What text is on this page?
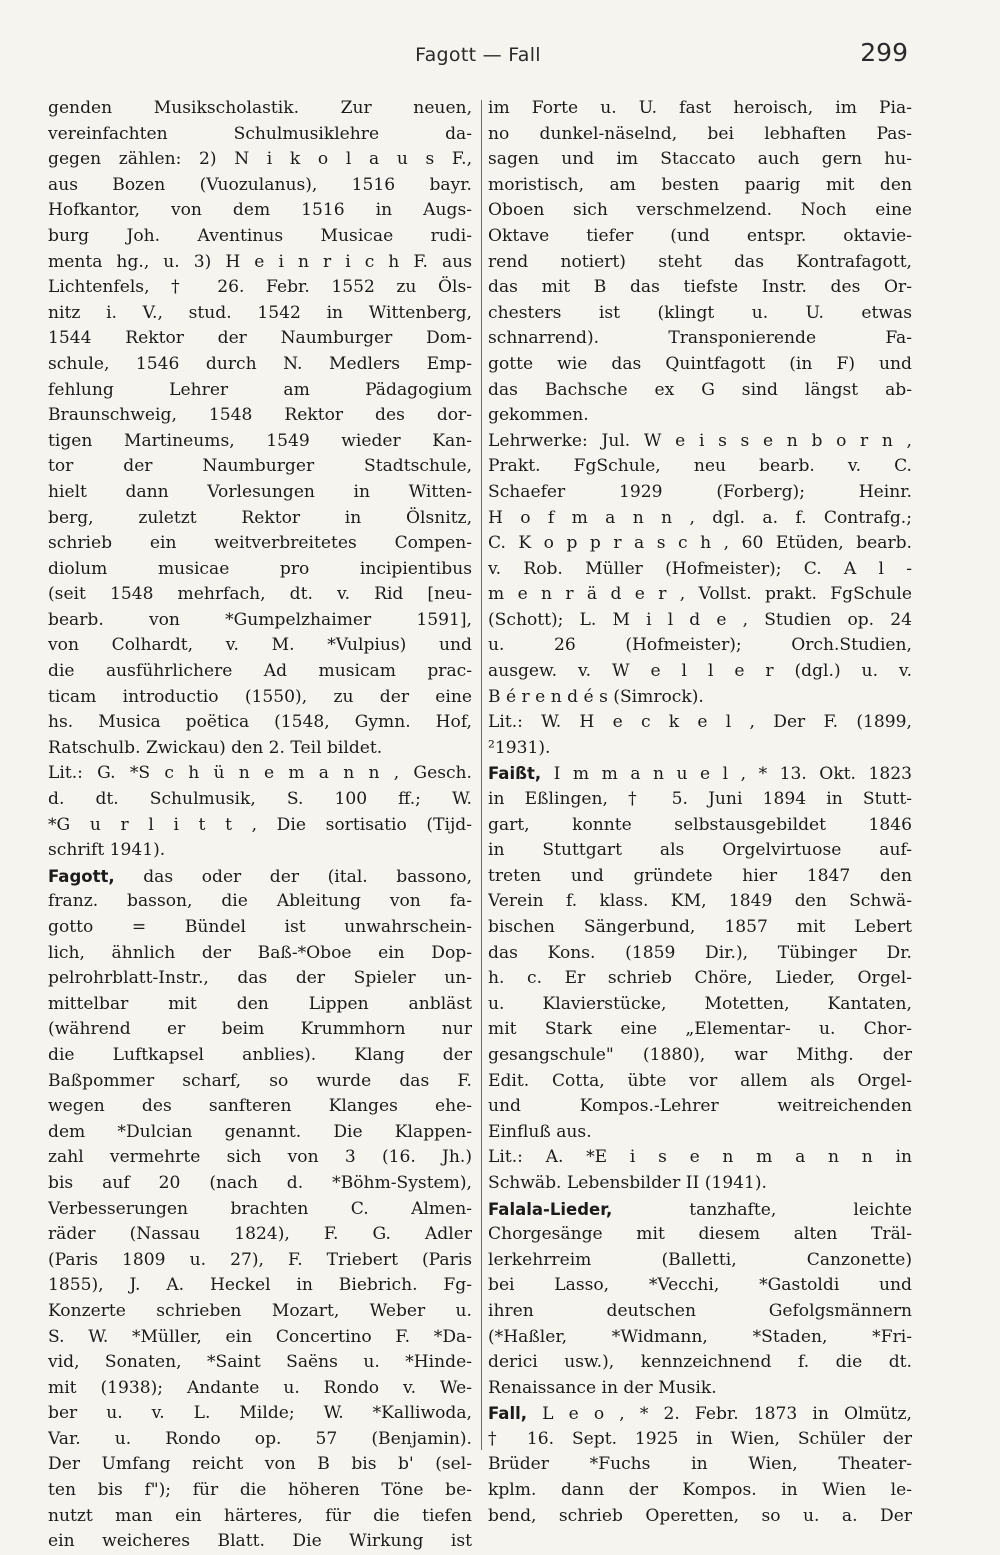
Fagott — Fall	299
genden Musikscholastik. Zur neuen,
vereinfachten Schulmusiklehre da-
gegen zählen: 2) N i k o l a u s F.,
aus Bozen (Vuozulanus), 1516 bayr.
Hofkantor, von dem 1516 in Augs-
burg Joh. Aventinus Musicae rudi-
menta hg., u. 3) H e i n r i c h F. aus
Lichtenfels, † 26. Febr. 1552 zu Öls-
nitz i. V., stud. 1542 in Wittenberg,
1544 Rektor der Naumburger Dom-
schule, 1546 durch N. Medlers Emp-
fehlung Lehrer am Pädagogium
Braunschweig, 1548 Rektor des dor-
tigen Martineums, 1549 wieder Kan-
tor der Naumburger Stadtschule,
hielt dann Vorlesungen in Witten-
berg, zuletzt Rektor in Ölsnitz,
schrieb ein weitverbreitetes Compen-
diolum musicae pro incipientibus
(seit 1548 mehrfach, dt. v. Rid [neu-
bearb. von *Gumpelzhaimer 1591],
von Colhardt, v. M. *Vulpius) und
die ausführlichere Ad musicam prac-
ticam introductio (1550), zu der eine
hs. Musica poëtica (1548, Gymn. Hof,
Ratschulb. Zwickau) den 2. Teil bildet.
Lit.: G. *S c h ü n e m a n n , Gesch.
d. dt. Schulmusik, S. 100 ff.; W.
*G u r l i t t , Die sortisatio (Tijd-
schrift 1941).
Fagott, das oder der (ital. bassono,
franz. basson, die Ableitung von fa-
gotto = Bündel ist unwahrschein-
lich, ähnlich der Baß-*Oboe ein Dop-
pelrohrblatt-Instr., das der Spieler un-
mittelbar mit den Lippen anbläst
(während er beim Krummhorn nur
die Luftkapsel anblies). Klang der
Baßpommer scharf, so wurde das F.
wegen des sanfteren Klanges ehe-
dem *Dulcian genannt. Die Klappen-
zahl vermehrte sich von 3 (16. Jh.)
bis auf 20 (nach d. *Böhm-System),
Verbesserungen brachten C. Almen-
räder (Nassau 1824), F. G. Adler
(Paris 1809 u. 27), F. Triebert (Paris
1855), J. A. Heckel in Biebrich. Fg-
Konzerte schrieben Mozart, Weber u.
S. W. *Müller, ein Concertino F. *Da-
vid, Sonaten, *Saint Saëns u. *Hinde-
mit (1938); Andante u. Rondo v. We-
ber u. v. L. Milde; W. *Kalliwoda,
Var. u. Rondo op. 57 (Benjamin).
Der Umfang reicht von B bis b' (sel-
ten bis f"); für die höheren Töne be-
nutzt man ein härteres, für die tiefen
ein weicheres Blatt. Die Wirkung ist
im Forte u. U. fast heroisch, im Pia-
no dunkel-näselnd, bei lebhaften Pas-
sagen und im Staccato auch gern hu-
moristisch, am besten paarig mit den
Oboen sich verschmelzend. Noch eine
Oktave tiefer (und entspr. oktavie-
rend notiert) steht das Kontrafagott,
das mit B das tiefste Instr. des Or-
chesters ist (klingt u. U. etwas
schnarrend). Transponierende Fa-
gotte wie das Quintfagott (in F) und
das Bachsche ex G sind längst ab-
gekommen.
Lehrwerke: Jul. W e i s s e n b o r n ,
Prakt. FgSchule, neu bearb. v. C.
Schaefer 1929 (Forberg); Heinr.
H o f m a n n , dgl. a. f. Contrafg.;
C. K o p p r a s c h , 60 Etüden, bearb.
v. Rob. Müller (Hofmeister); C. A l -
m e n r ä d e r , Vollst. prakt. FgSchule
(Schott); L. M i l d e , Studien op. 24
u. 26 (Hofmeister); Orch.Studien,
ausgew. v. W e l l e r (dgl.) u. v.
B é r e n d é s (Simrock).
Lit.: W. H e c k e l , Der F. (1899,
²1931).
Faißt, I m m a n u e l , * 13. Okt. 1823
in Eßlingen, † 5. Juni 1894 in Stutt-
gart, konnte selbstausgebildet 1846
in Stuttgart als Orgelvirtuose auf-
treten und gründete hier 1847 den
Verein f. klass. KM, 1849 den Schwä-
bischen Sängerbund, 1857 mit Lebert
das Kons. (1859 Dir.), Tübinger Dr.
h. c. Er schrieb Chöre, Lieder, Orgel-
u. Klavierstücke, Motetten, Kantaten,
mit Stark eine „Elementar- u. Chor-
gesangschule" (1880), war Mithg. der
Edit. Cotta, übte vor allem als Orgel-
und Kompos.-Lehrer weitreichenden
Einfluß aus.
Lit.: A. *E i s e n m a n n in
Schwäb. Lebensbilder II (1941).
Falala-Lieder, tanzhafte, leichte
Chorgesänge mit diesem alten Träl-
lerkehrreim (Balletti, Canzonette)
bei Lasso, *Vecchi, *Gastoldi und
ihren deutschen Gefolgsmännern
(*Haßler, *Widmann, *Staden, *Fri-
derici usw.), kennzeichnend f. die dt.
Renaissance in der Musik.
Fall, L e o , * 2. Febr. 1873 in Olmütz,
† 16. Sept. 1925 in Wien, Schüler der
Brüder *Fuchs in Wien, Theater-
kplm. dann der Kompos. in Wien le-
bend, schrieb Operetten, so u. a. Der
